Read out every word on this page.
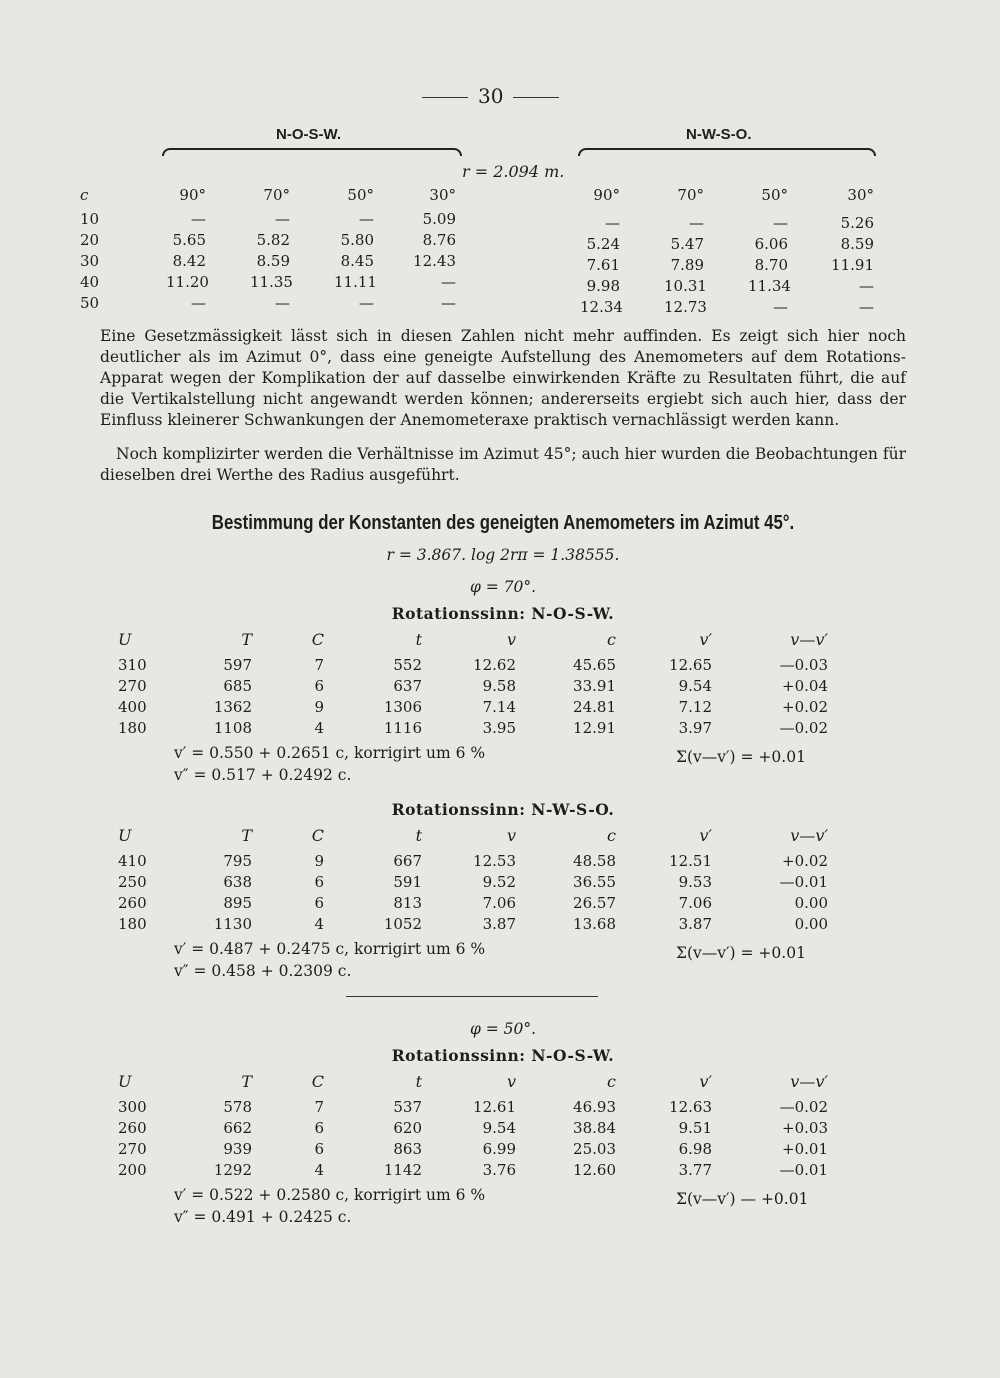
30
N-O-S-W.	N-W-S-O.
r = 2.094 m.
c	90°	70°	50°	30°	90°	70°	50°	30°
10	—	—	—	5.09	—	—	—	5.26
20	5.65	5.82	5.80	8.76	5.24	5.47	6.06	8.59
30	8.42	8.59	8.45	12.43	7.61	7.89	8.70	11.91
40	11.20	11.35	11.11	—	9.98	10.31	11.34	—
50	—	—	—	—	12.34	12.73	—	—
Eine Gesetzmässigkeit lässt sich in diesen Zahlen nicht mehr auffinden. Es zeigt sich hier noch deutlicher als im Azimut 0°, dass eine geneigte Aufstellung des Anemometers auf dem Rotations-Apparat wegen der Komplikation der auf dasselbe einwirkenden Kräfte zu Resultaten führt, die auf die Vertikalstellung nicht angewandt werden können; andererseits ergiebt sich auch hier, dass der Einfluss kleinerer Schwankungen der Anemometeraxe praktisch vernachlässigt werden kann.
Noch komplizirter werden die Verhältnisse im Azimut 45°; auch hier wurden die Beobachtungen für dieselben drei Werthe des Radius ausgeführt.
Bestimmung der Konstanten des geneigten Anemometers im Azimut 45°.
r = 3.867. log 2rπ = 1.38555.
φ = 70°.
Rotationssinn: N-O-S-W.
U	T	C	t	v	c	v′	v—v′
310	597	7	552	12.62	45.65	12.65	—0.03
270	685	6	637	9.58	33.91	9.54	+0.04
400	1362	9	1306	7.14	24.81	7.12	+0.02
180	1108	4	1116	3.95	12.91	3.97	—0.02
v′ = 0.550 + 0.2651 c, korrigirt um 6 %
v″ = 0.517 + 0.2492 c.
Σ(v—v′) = +0.01
Rotationssinn: N-W-S-O.
U	T	C	t	v	c	v′	v—v′
410	795	9	667	12.53	48.58	12.51	+0.02
250	638	6	591	9.52	36.55	9.53	—0.01
260	895	6	813	7.06	26.57	7.06	0.00
180	1130	4	1052	3.87	13.68	3.87	0.00
v′ = 0.487 + 0.2475 c, korrigirt um 6 %
v″ = 0.458 + 0.2309 c.
Σ(v—v′) = +0.01
Rotationssinn: N-O-S-W.
U	T	C	t	v	c	v′	v—v′
300	578	7	537	12.61	46.93	12.63	—0.02
260	662	6	620	9.54	38.84	9.51	+0.03
270	939	6	863	6.99	25.03	6.98	+0.01
200	1292	4	1142	3.76	12.60	3.77	—0.01
v′ = 0.522 + 0.2580 c, korrigirt um 6 %
v″ = 0.491 + 0.2425 c.
Σ(v—v′) — +0.01
φ = 50°.
